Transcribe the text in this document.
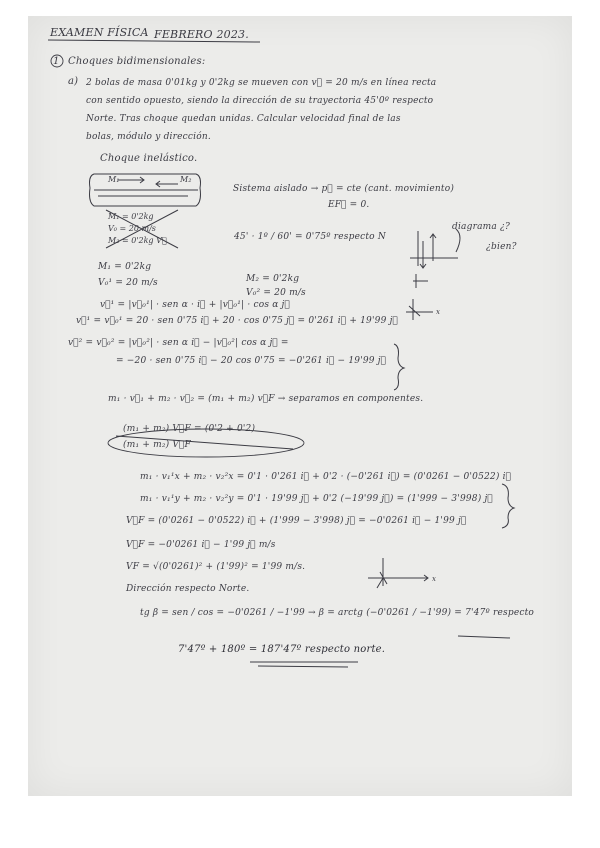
EXAMEN FÍSICA FEBRERO 2023.
1 Choques bidimensionales:
a) 2 bolas de masa 0'01kg y 0'2kg se mueven con v⃗ = 20 m/s en línea recta
con sentido opuesto, siendo la dirección de su trayectoria 45'0º respecto
Norte. Tras choque quedan unidas. Calcular velocidad final de las
bolas, módulo y dirección.
Choque inelástico.
M₁	M₂
M₁ = 0'2kg
V₀ = 20 m/s
M₂ = 0'2kg V⃗
x
x
Sistema aislado → p⃗ = cte (cant. movimiento)
EF⃗ = 0.
45' · 1º / 60' = 0'75º respecto N
diagrama ¿?
¿bien?
M₁ = 0'2kg
V₀¹ = 20 m/s	M₂ = 0'2kg
V₀² = 20 m/s
v⃗¹ = |v⃗₀¹| · sen α · i⃗ + |v⃗₀¹| · cos α j⃗
v⃗¹ = v⃗₀¹ = 20 · sen 0'75 i⃗ + 20 · cos 0'75 j⃗ = 0'261 i⃗ + 19'99 j⃗
v⃗² = v⃗₀² = |v⃗₀²| · sen α i⃗ − |v⃗₀²| cos α j⃗ =
= −20 · sen 0'75 i⃗ − 20 cos 0'75 = −0'261 i⃗ − 19'99 j⃗
m₁ · v⃗₁ + m₂ · v⃗₂ = (m₁ + m₂) v⃗F → separamos en componentes.
(m₁ + m₂) V⃗F = (0'2 + 0'2)
(m₁ + m₂) V⃗F
m₁ · v₁¹x + m₂ · v₂²x = 0'1 · 0'261 i⃗ + 0'2 · (−0'261 i⃗) = (0'0261 − 0'0522) i⃗
m₁ · v₁¹y + m₂ · v₂²y = 0'1 · 19'99 j⃗ + 0'2 (−19'99 j⃗) = (1'999 − 3'998) j⃗
V⃗F = (0'0261 − 0'0522) i⃗ + (1'999 − 3'998) j⃗ = −0'0261 i⃗ − 1'99 j⃗
V⃗F = −0'0261 i⃗ − 1'99 j⃗ m/s
VF = √(0'0261)² + (1'99)² = 1'99 m/s.
Dirección respecto Norte.
tg β = sen / cos = −0'0261 / −1'99 → β = arctg (−0'0261 / −1'99) = 7'47º respecto
7'47º + 180º = 187'47º respecto norte.
